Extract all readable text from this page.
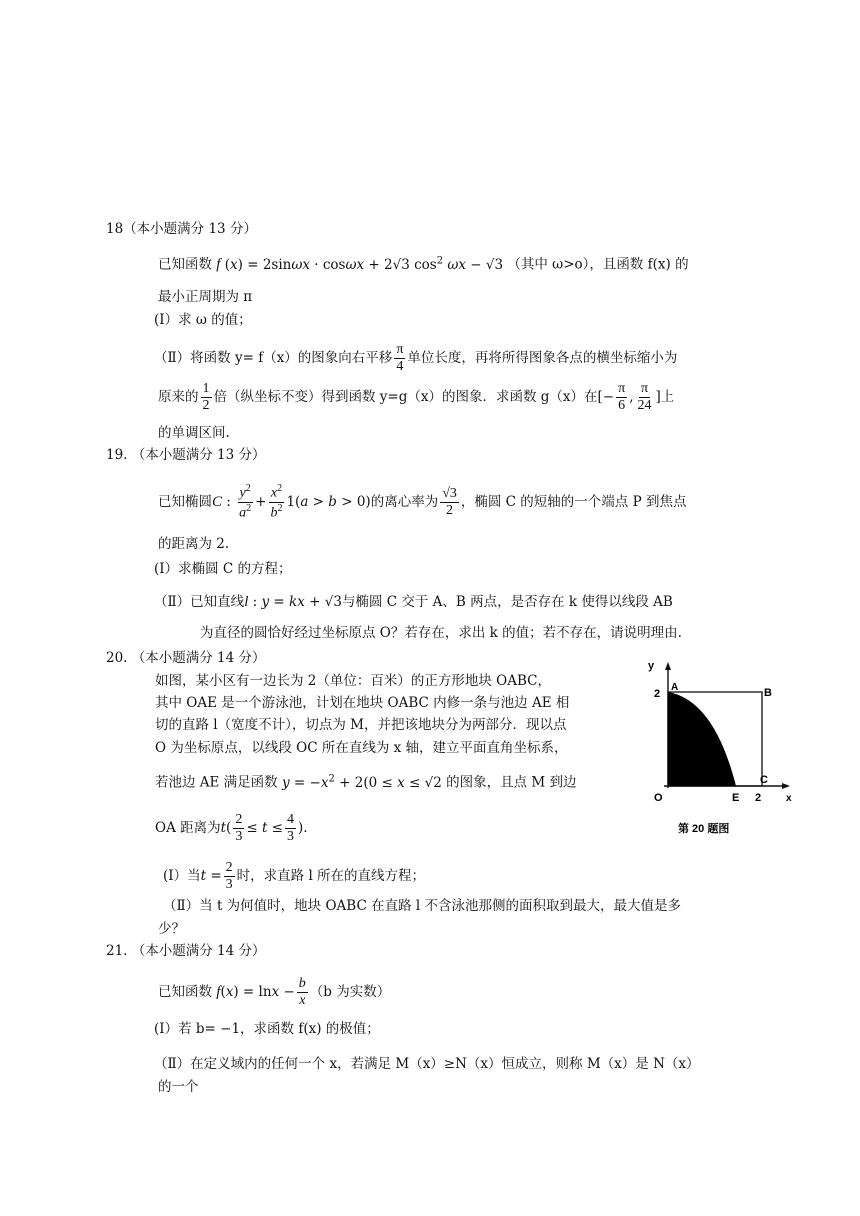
18（本小题满分 13 分）
已知函数 f (x) = 2sinωx · cosωx + 2√3 $\cos^2 \omega x - √3$ （其中 ω>o），且函数 f(x) 的
最小正周期为 π
(I）求 ω 的值；
（Ⅱ）将函数 y= f（x）的图象向右平移 $\frac{\pi}{4}$ 单位长度，再将所得图象各点的横坐标缩小为
原来的 $\frac{1}{2}$ 倍（纵坐标不变）得到函数 y=g（x）的图象．求函数 g（x）在[− $\frac{\pi}{6}$ , $\frac{\pi}{24}$ ]上
的单调区间.
19. （本小题满分 13 分）
已知椭圆C : $\frac{y^2}{a^2} + \frac{x^2}{b^2} 1(a > b > 0)$的离心率为 $\frac{√3}{2}$ ，椭圆 C 的短轴的一个端点 P 到焦点
的距离为 2.
(I）求椭圆 C 的方程；
（Ⅱ）已知直线l : y = kx + √3与椭圆 C 交于 A、B 两点，是否存在 k 使得以线段 AB
为直径的圆恰好经过坐标原点 O？若存在，求出 k 的值；若不存在，请说明理由.
20. （本小题满分 14 分）
如图，某小区有一边长为 2（单位：百米）的正方形地块 OABC，
其中 OAE 是一个游泳池，计划在地块 OABC 内修一条与池边 AE 相
切的直路 l（宽度不计），切点为 M，并把该地块分为两部分．现以点
O 为坐标原点，以线段 OC 所在直线为 x 轴，建立平面直角坐标系，
若池边 AE 满足函数 $y = -x^2 + 2(0 \le x \le √2$ 的图象，且点 M 到边
OA 距离为$t( \frac{2}{3} \le t \le \frac{4}{3}$ ).
(I）当$t = \frac{2}{3}$ 时，求直路 l 所在的直线方程；
（Ⅱ）当 t 为何值时，地块 OABC 在直路 l 不含泳池那侧的面积取到最大，最大值是多
少？
y
2
A	B
C
O	E 2 x
第 20 题图
21. （本小题满分 14 分）
已知函数 $f(x) = \ln x - \frac{b}{x} (b$ 为实数）
(I）若 b= −1，求函数 f(x) 的极值；
（Ⅱ）在定义域内的任何一个 x，若满足 M（x）≥N（x）恒成立，则称 M（x）是 N（x）
的一个
